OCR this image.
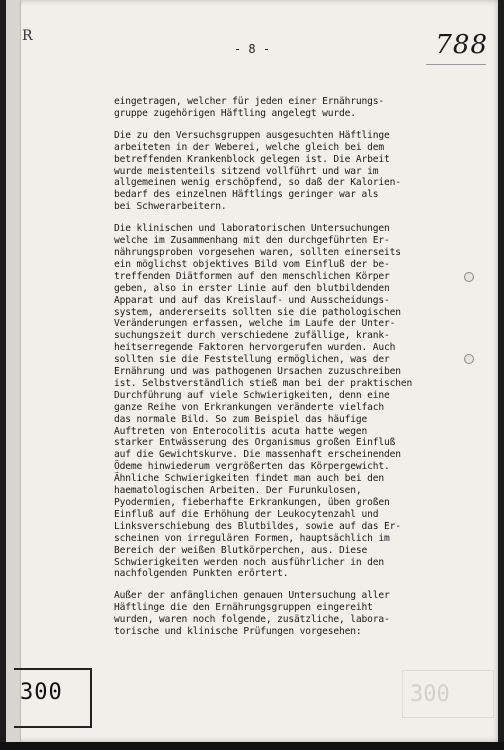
R
- 8 -	788

eingetragen, welcher für jeden einer Ernährungs-
gruppe zugehörigen Häftling angelegt wurde.

Die zu den Versuchsgruppen ausgesuchten Häftlinge
arbeiteten in der Weberei, welche gleich bei dem
betreffenden Krankenblock gelegen ist. Die Arbeit
wurde meistenteils sitzend vollführt und war im
allgemeinen wenig erschöpfend, so daß der Kalorien-
bedarf des einzelnen Häftlings geringer war als
bei Schwerarbeitern.

Die klinischen und laboratorischen Untersuchungen
welche im Zusammenhang mit den durchgeführten Er-
nährungsproben vorgesehen waren, sollten einerseits
ein möglichst objektives Bild vom Einfluß der be-
treffenden Diätformen auf den menschlichen Körper
geben, also in erster Linie auf den blutbildenden
Apparat und auf das Kreislauf- und Ausscheidungs-
system, andererseits sollten sie die pathologischen
Veränderungen erfassen, welche im Laufe der Unter-
suchungszeit durch verschiedene zufällige, krank-
heitserregende Faktoren hervorgerufen wurden. Auch
sollten sie die Feststellung ermöglichen, was der
Ernährung und was pathogenen Ursachen zuzuschreiben
ist. Selbstverständlich stieß man bei der praktischen
Durchführung auf viele Schwierigkeiten, denn eine
ganze Reihe von Erkrankungen veränderte vielfach
das normale Bild. So zum Beispiel das häufige
Auftreten von Enterocolitis acuta hatte wegen
starker Entwässerung des Organismus großen Einfluß
auf die Gewichtskurve. Die massenhaft erscheinenden
Ödeme hinwiederum vergrößerten das Körpergewicht.
Ähnliche Schwierigkeiten findet man auch bei den
haematologischen Arbeiten. Der Furunkulosen,
Pyodermien, fieberhafte Erkrankungen, üben großen
Einfluß auf die Erhöhung der Leukocytenzahl und
Linksverschiebung des Blutbildes, sowie auf das Er-
scheinen von irregulären Formen, hauptsächlich im
Bereich der weißen Blutkörperchen, aus. Diese
Schwierigkeiten werden noch ausführlicher in den
nachfolgenden Punkten erörtert.

Außer der anfänglichen genauen Untersuchung aller
Häftlinge die den Ernährungsgruppen eingereiht
wurden, waren noch folgende, zusätzliche, labora-
torische und klinische Prüfungen vorgesehen:

300
300
